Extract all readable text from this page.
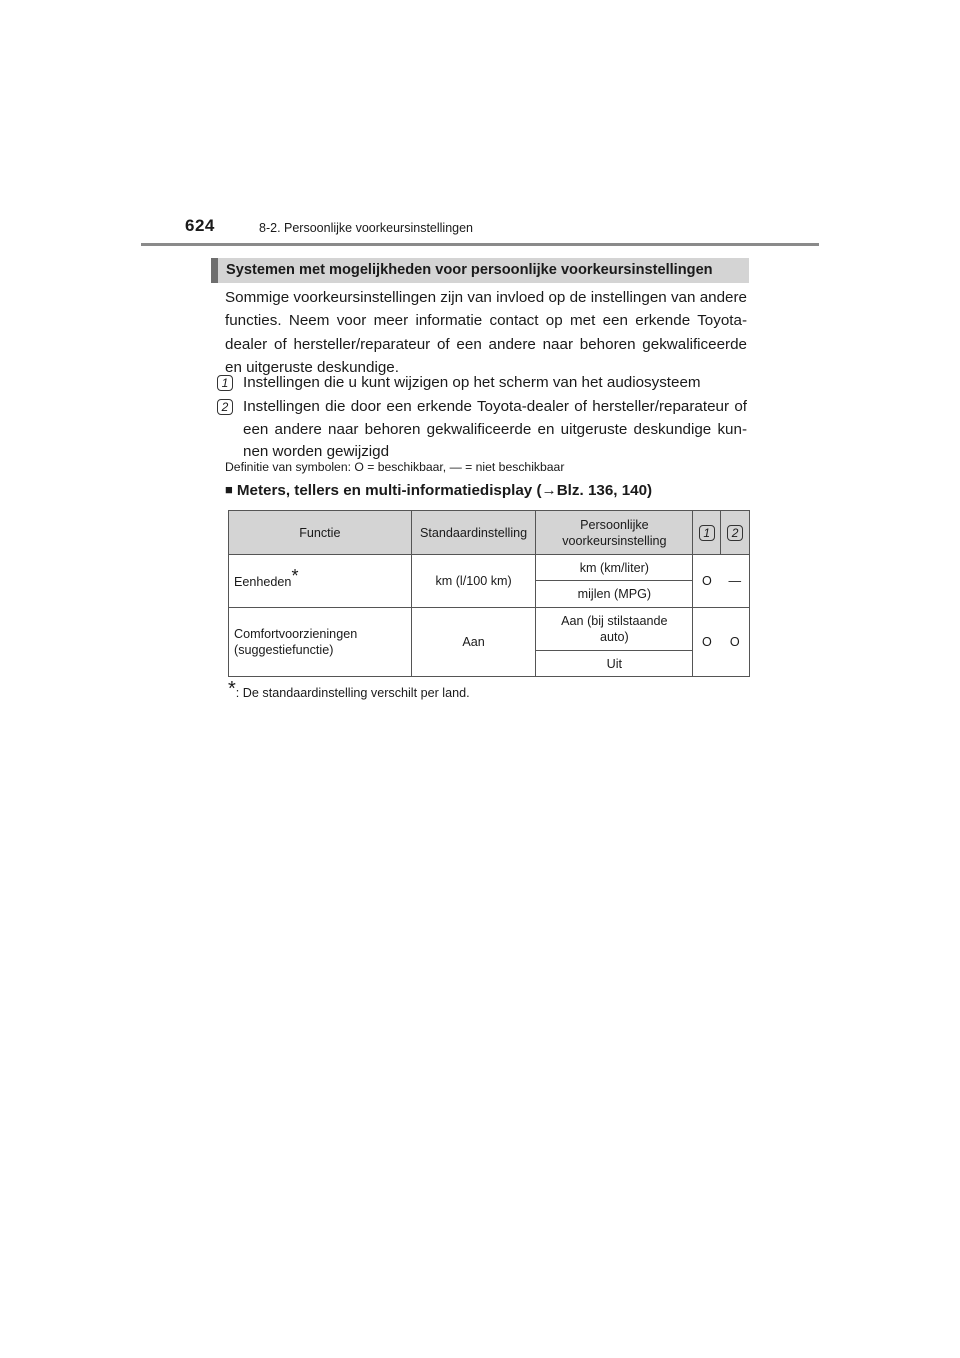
624	8-2. Persoonlijke voorkeursinstellingen
Systemen met mogelijkheden voor persoonlijke voorkeursinstellingen

Sommige voorkeursinstellingen zijn van invloed op de instellingen van andere functies. Neem voor meer informatie contact op met een erkende Toyota-dealer of hersteller/reparateur of een andere naar behoren gekwalificeerde en uitgeruste deskundige.

1 Instellingen die u kunt wijzigen op het scherm van het audiosysteem
2 Instellingen die door een erkende Toyota-dealer of hersteller/reparateur of een andere naar behoren gekwalificeerde en uitgeruste deskundige kunnen worden gewijzigd
Definitie van symbolen: O = beschikbaar, — = niet beschikbaar
■ Meters, tellers en multi-informatiedisplay (→Blz. 136, 140)
Functie	Standaardinstelling	Persoonlijke voorkeursinstelling	1	2
Eenheden*	km (l/100 km)	km (km/liter)	O	—
		mijlen (MPG)		
Comfortvoorzieningen (suggestiefunctie)	Aan	Aan (bij stilstaande auto)	O	O
		Uit		
*: De standaardinstelling verschilt per land.
